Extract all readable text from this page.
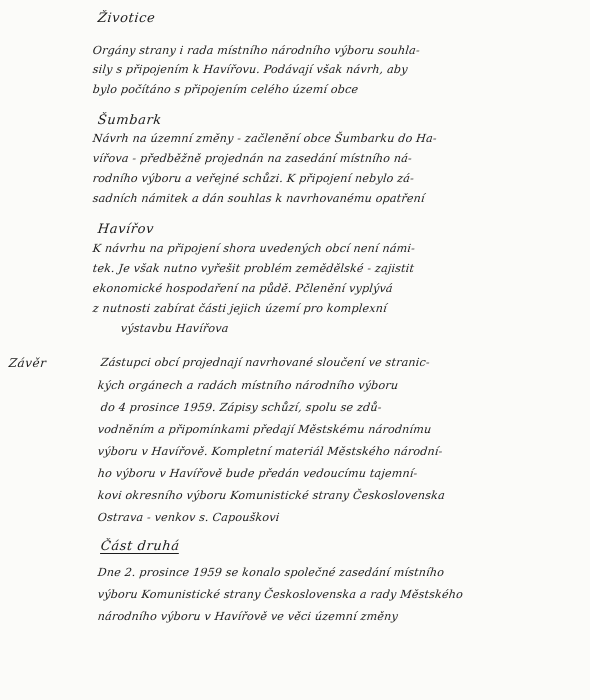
Životice
Orgány strany i rada místního národního výboru souhla-
sily s připojením k Havířovu. Podávají však návrh, aby
bylo počítáno s připojením celého území obce
Šumbark
Návrh na územní změny - začlenění obce Šumbarku do Ha-
vířova - předběžně projednán na zasedání místního ná-
rodního výboru a veřejné schůzi. K připojení nebylo zá-
sadních námitek a dán souhlas k navrhovanému opatření
Havířov
K návrhu na připojení shora uvedených obcí není námi-
tek. Je však nutno vyřešit problém zemědělské - zajistit
ekonomické hospodaření na půdě. Pčlenění vyplývá
z nutnosti zabírat části jejich území pro komplexní
výstavbu Havířova
Závěr	Zástupci obcí projednají navrhované sloučení ve stranic-
kých orgánech a radách místního národního výboru
do 4 prosince 1959. Zápisy schůzí, spolu se zdů-
vodněním a připomínkami předají Městskému národnímu
výboru v Havířově. Kompletní materiál Městského národní-
ho výboru v Havířově bude předán vedoucímu tajemní-
kovi okresního výboru Komunistické strany Československa
Ostrava - venkov s. Capouškovi
Část druhá
Dne 2. prosince 1959 se konalo společné zasedání místního
výboru Komunistické strany Československa a rady Městského
národního výboru v Havířově ve věci územní změny
